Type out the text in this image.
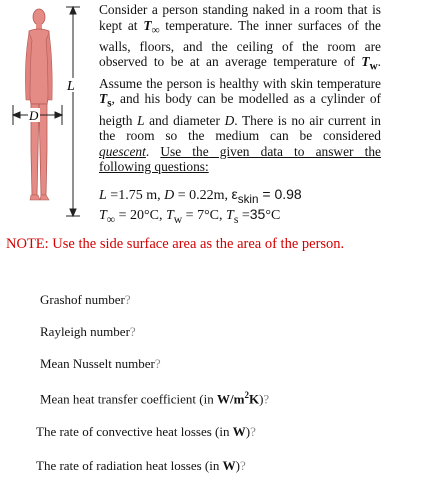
L
D

Consider a person standing naked in a room that is kept at $T_\infty$ temperature. The inner surfaces of the walls, floors, and the ceiling of the room are observed to be at an average temperature of $T_w$. Assume the person is healthy with skin temperature $T_s$, and his body can be modelled as a cylinder of heigth L and diameter D. There is no air current in the room so the medium can be considered quescent. Use the given data to answer the following questions:

L =1.75 m, D = 0.22m, $\varepsilon_{skin} = 0.98$
$T_\infty = 20^\circ C$, $T_w = 7^\circ C$, $T_s =35^\circ C$
NOTE: Use the side surface area as the area of the person.
Grashof number?
Rayleigh number?
Mean Nusselt number?
Mean heat transfer coefficient (in $W/m^2K$)?
The rate of convective heat losses (in W)?
The rate of radiation heat losses (in W)?
